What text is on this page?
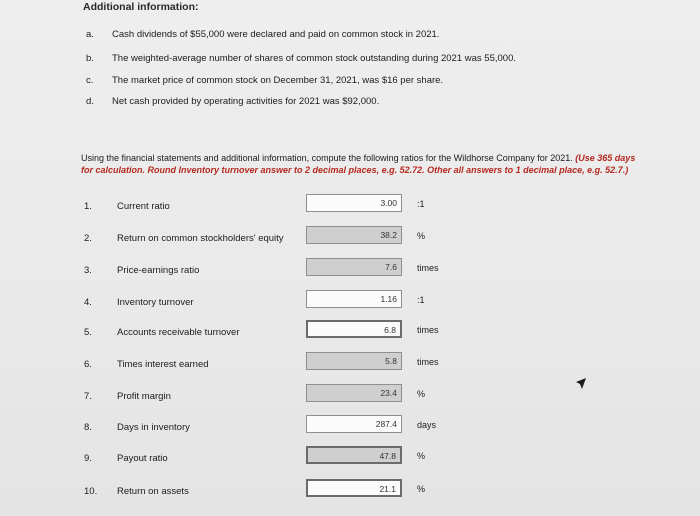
Additional information:
a.	Cash dividends of $55,000 were declared and paid on common stock in 2021.
b.	The weighted-average number of shares of common stock outstanding during 2021 was 55,000.
c.	The market price of common stock on December 31, 2021, was $16 per share.
d.	Net cash provided by operating activities for 2021 was $92,000.
Using the financial statements and additional information, compute the following ratios for the Wildhorse Company for 2021. (Use 365 days for calculation. Round Inventory turnover answer to 2 decimal places, e.g. 52.72. Other all answers to 1 decimal place, e.g. 52.7.)
1.	Current ratio	3.00 :1
2.	Return on common stockholders' equity	38.2 %
3.	Price-earnings ratio	7.6 times
4.	Inventory turnover	1.16 :1
5.	Accounts receivable turnover	6.8 times
6.	Times interest earned	5.8 times
7.	Profit margin	23.4 %
8.	Days in inventory	287.4 days
9.	Payout ratio	47.8 %
10. Return on assets	21.1 %
